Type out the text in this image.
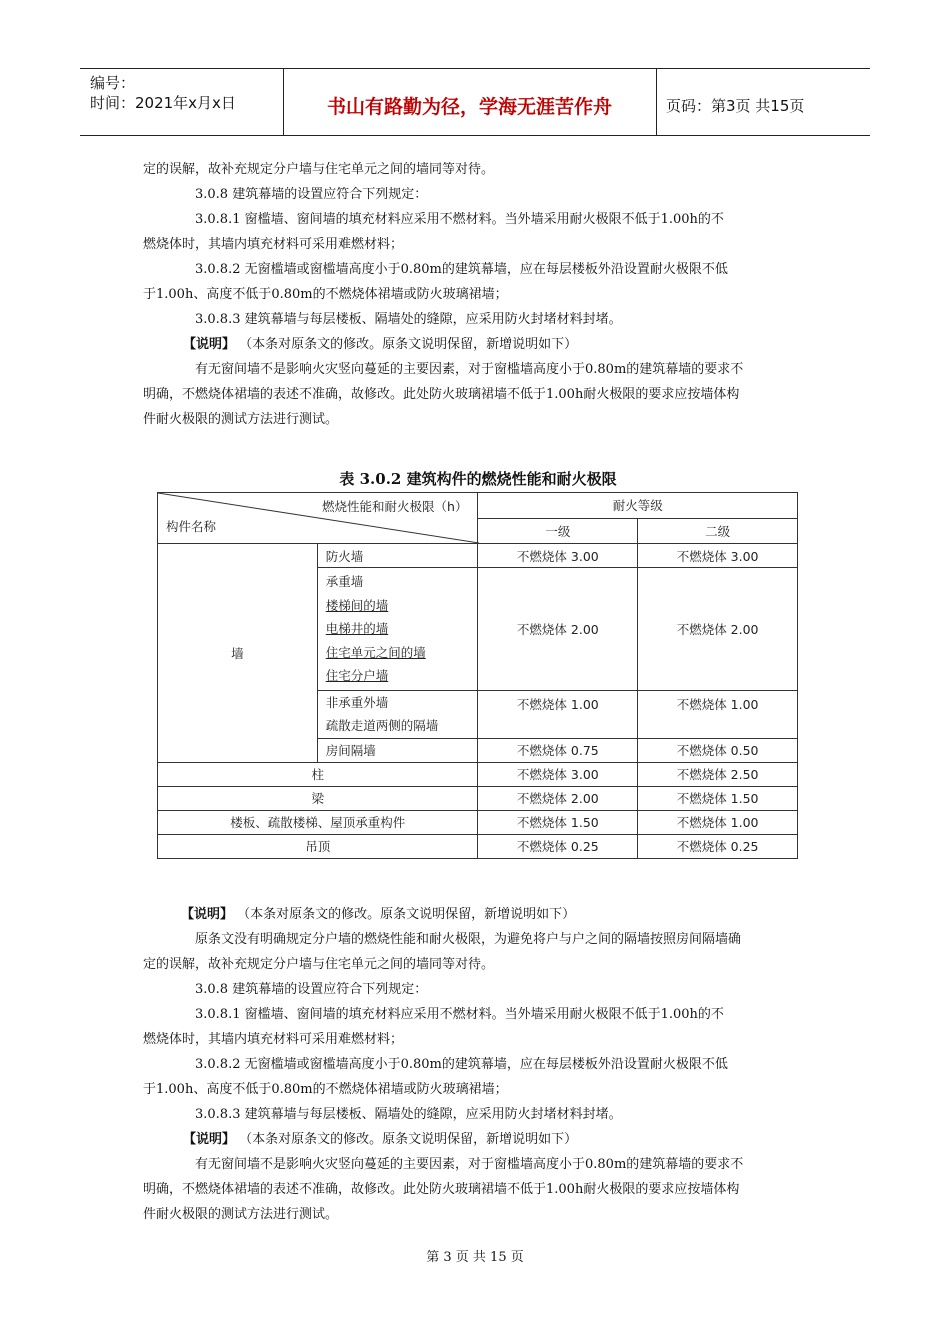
编号：
时间：2021年x月x日	书山有路勤为径，学海无涯苦作舟	页码：第3页 共15页
定的误解，故补充规定分户墙与住宅单元之间的墙同等对待。
3.0.8 建筑幕墙的设置应符合下列规定：
3.0.8.1 窗槛墙、窗间墙的填充材料应采用不燃材料。当外墙采用耐火极限不低于1.00h的不
燃烧体时，其墙内填充材料可采用难燃材料；
3.0.8.2 无窗槛墙或窗槛墙高度小于0.80m的建筑幕墙，应在每层楼板外沿设置耐火极限不低
于1.00h、高度不低于0.80m的不燃烧体裙墙或防火玻璃裙墙；
3.0.8.3 建筑幕墙与每层楼板、隔墙处的缝隙，应采用防火封堵材料封堵。
【说明】 （本条对原条文的修改。原条文说明保留，新增说明如下）
有无窗间墙不是影响火灾竖向蔓延的主要因素，对于窗槛墙高度小于0.80m的建筑幕墙的要求不
明确，不燃烧体裙墙的表述不准确，故修改。此处防火玻璃裙墙不低于1.00h耐火极限的要求应按墙体构
件耐火极限的测试方法进行测试。
表 3.0.2 建筑构件的燃烧性能和耐火极限
燃烧性能和耐火极限（h）
构件名称		耐火等级	
		一级	二级
墙	防火墙	不燃烧体 3.00	不燃烧体 3.00

	承重墙
楼梯间的墙
电梯井的墙
住宅单元之间的墙
住宅分户墙	不燃烧体 2.00	不燃烧体 2.00

	非承重外墙
疏散走道两侧的隔墙	不燃烧体 1.00	不燃烧体 1.00
	房间隔墙	不燃烧体 0.75	不燃烧体 0.50
柱		不燃烧体 3.00	不燃烧体 2.50
梁		不燃烧体 2.00	不燃烧体 1.50
楼板、疏散楼梯、屋顶承重构件		不燃烧体 1.50	不燃烧体 1.00
吊顶		不燃烧体 0.25	不燃烧体 0.25
【说明】 （本条对原条文的修改。原条文说明保留，新增说明如下）
原条文没有明确规定分户墙的燃烧性能和耐火极限，为避免将户与户之间的隔墙按照房间隔墙确
定的误解，故补充规定分户墙与住宅单元之间的墙同等对待。
3.0.8 建筑幕墙的设置应符合下列规定：
3.0.8.1 窗槛墙、窗间墙的填充材料应采用不燃材料。当外墙采用耐火极限不低于1.00h的不
燃烧体时，其墙内填充材料可采用难燃材料；
3.0.8.2 无窗槛墙或窗槛墙高度小于0.80m的建筑幕墙，应在每层楼板外沿设置耐火极限不低
于1.00h、高度不低于0.80m的不燃烧体裙墙或防火玻璃裙墙；
3.0.8.3 建筑幕墙与每层楼板、隔墙处的缝隙，应采用防火封堵材料封堵。
【说明】 （本条对原条文的修改。原条文说明保留，新增说明如下）
有无窗间墙不是影响火灾竖向蔓延的主要因素，对于窗槛墙高度小于0.80m的建筑幕墙的要求不
明确，不燃烧体裙墙的表述不准确，故修改。此处防火玻璃裙墙不低于1.00h耐火极限的要求应按墙体构
件耐火极限的测试方法进行测试。
第 3 页 共 15 页
